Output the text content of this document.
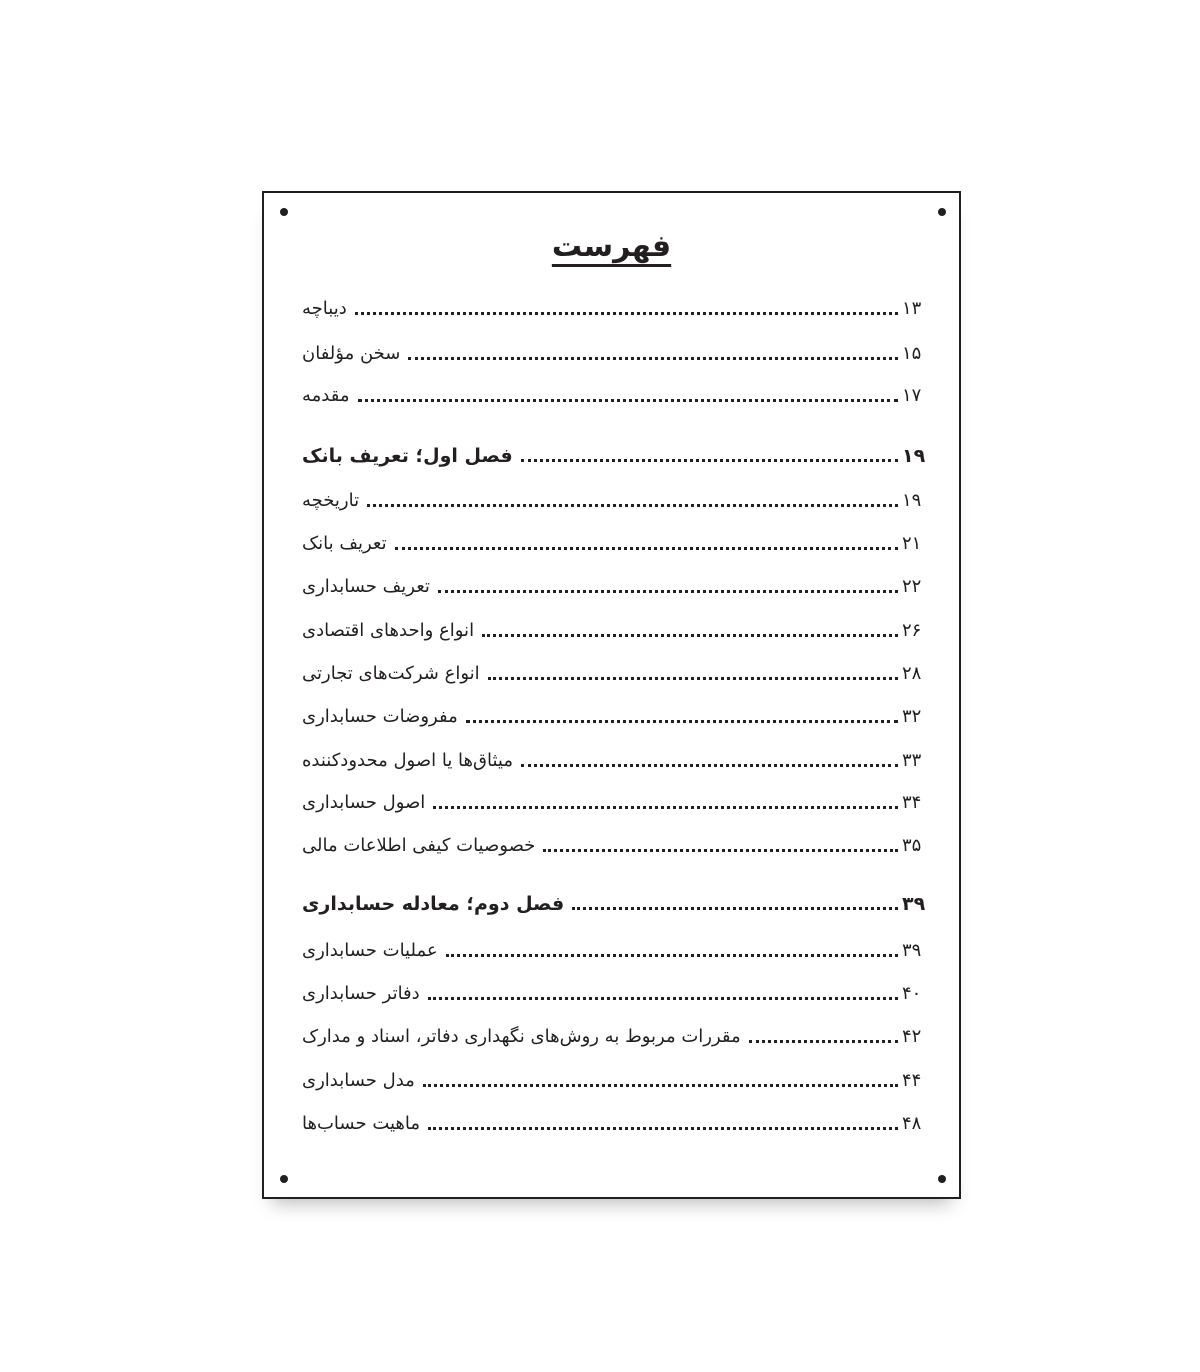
فهرست
دیباچه	۱۳
سخن مؤلفان	۱۵
مقدمه	۱۷
فصل اول؛ تعریف بانک	۱۹
تاریخچه	۱۹
تعریف بانک	۲۱
تعریف حسابداری	۲۲
انواع واحدهای اقتصادی	۲۶
انواع شرکت‌های تجارتی	۲۸
مفروضات حسابداری	۳۲
میثاق‌ها یا اصول محدودکننده	۳۳
اصول حسابداری	۳۴
خصوصیات کیفی اطلاعات مالی	۳۵
فصل دوم؛ معادله حسابداری	۳۹
عملیات حسابداری	۳۹
دفاتر حسابداری	۴۰
مقررات مربوط به روش‌های نگهداری دفاتر، اسناد و مدارک	۴۲
مدل حسابداری	۴۴
ماهیت حساب‌ها	۴۸
